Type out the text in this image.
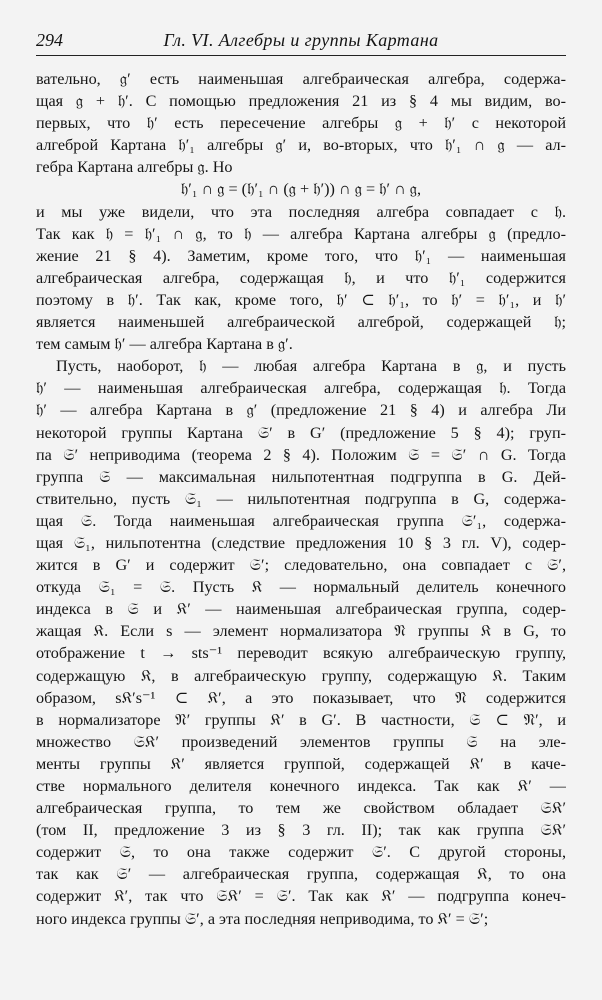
294	Гл. VI. Алгебры и группы Картана
вательно, 𝔤′ есть наименьшая алгебраическая алгебра, содержа-
щая 𝔤 + 𝔥′. С помощью предложения 21 из § 4 мы видим, во-
первых, что 𝔥′ есть пересечение алгебры 𝔤 + 𝔥′ с некоторой
алгеброй Картана 𝔥′₁ алгебры 𝔤′ и, во-вторых, что 𝔥′₁ ∩ 𝔤 — ал-
гебра Картана алгебры 𝔤. Но
𝔥′₁ ∩ 𝔤 = (𝔥′₁ ∩ (𝔤 + 𝔥′)) ∩ 𝔤 = 𝔥′ ∩ 𝔤,
и мы уже видели, что эта последняя алгебра совпадает с 𝔥.
Так как 𝔥 = 𝔥′₁ ∩ 𝔤, то 𝔥 — алгебра Картана алгебры 𝔤 (предло-
жение 21 § 4). Заметим, кроме того, что 𝔥′₁ — наименьшая
алгебраическая алгебра, содержащая 𝔥, и что 𝔥′₁ содержится
поэтому в 𝔥′. Так как, кроме того, 𝔥′ ⊂ 𝔥′₁, то 𝔥′ = 𝔥′₁, и 𝔥′
является наименьшей алгебраической алгеброй, содержащей 𝔥;
тем самым 𝔥′ — алгебра Картана в 𝔤′.
Пусть, наоборот, 𝔥 — любая алгебра Картана в 𝔤, и пусть
𝔥′ — наименьшая алгебраическая алгебра, содержащая 𝔥. Тогда
𝔥′ — алгебра Картана в 𝔤′ (предложение 21 § 4) и алгебра Ли
некоторой группы Картана 𝔖′ в G′ (предложение 5 § 4); груп-
па 𝔖′ неприводима (теорема 2 § 4). Положим 𝔖 = 𝔖′ ∩ G. Тогда
группа 𝔖 — максимальная нильпотентная подгруппа в G. Дей-
ствительно, пусть 𝔖₁ — нильпотентная подгруппа в G, содержа-
щая 𝔖. Тогда наименьшая алгебраическая группа 𝔖′₁, содержа-
щая 𝔖₁, нильпотентна (следствие предложения 10 § 3 гл. V), содер-
жится в G′ и содержит 𝔖′; следовательно, она совпадает с 𝔖′,
откуда 𝔖₁ = 𝔖. Пусть 𝔎 — нормальный делитель конечного
индекса в 𝔖 и 𝔎′ — наименьшая алгебраическая группа, содер-
жащая 𝔎. Если s — элемент нормализатора 𝔑 группы 𝔎 в G, то
отображение t → sts⁻¹ переводит всякую алгебраическую группу,
содержащую 𝔎, в алгебраическую группу, содержащую 𝔎. Таким
образом, s𝔎′s⁻¹ ⊂ 𝔎′, а это показывает, что 𝔑 содержится
в нормализаторе 𝔑′ группы 𝔎′ в G′. В частности, 𝔖 ⊂ 𝔑′, и
множество 𝔖𝔎′ произведений элементов группы 𝔖 на эле-
менты группы 𝔎′ является группой, содержащей 𝔎′ в каче-
стве нормального делителя конечного индекса. Так как 𝔎′ —
алгебраическая группа, то тем же свойством обладает 𝔖𝔎′
(том II, предложение 3 из § 3 гл. II); так как группа 𝔖𝔎′
содержит 𝔖, то она также содержит 𝔖′. С другой стороны,
так как 𝔖′ — алгебраическая группа, содержащая 𝔎, то она
содержит 𝔎′, так что 𝔖𝔎′ = 𝔖′. Так как 𝔎′ — подгруппа конеч-
ного индекса группы 𝔖′, а эта последняя неприводима, то 𝔎′ = 𝔖′;
